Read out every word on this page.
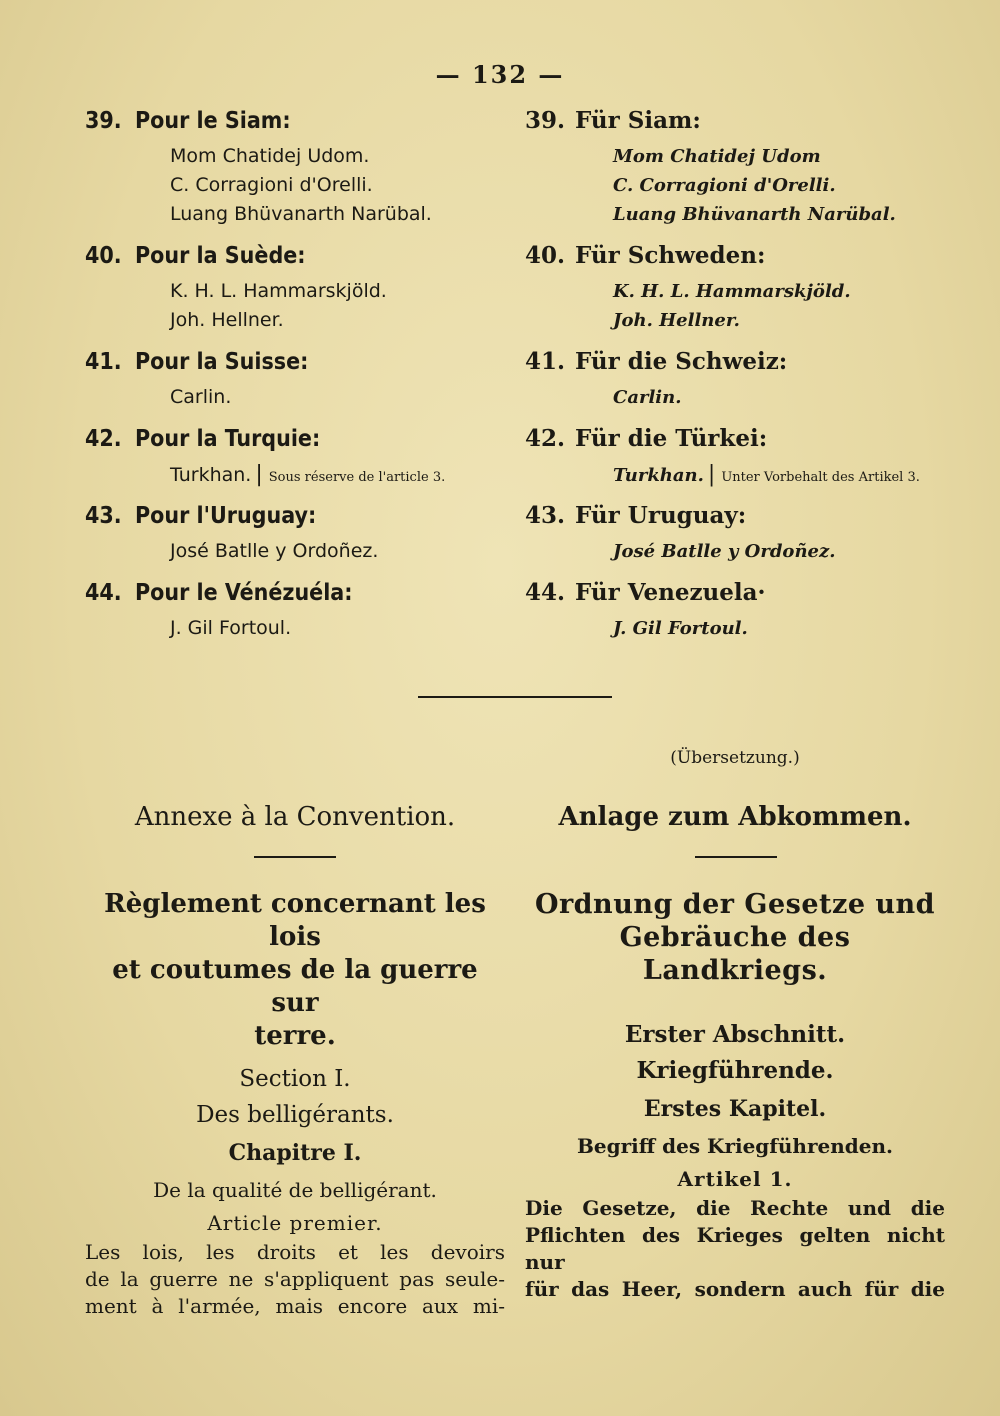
— 132 —
39. Pour le Siam:
Mom Chatidej Udom.
C. Corragioni d'Orelli.
Luang Bhüvanarth Narübal.
40. Pour la Suède:
K. H. L. Hammarskjöld.
Joh. Hellner.
41. Pour la Suisse:
Carlin.
42. Pour la Turquie:
Turkhan. | Sous réserve de l'article 3.
43. Pour l'Uruguay:
José Batlle y Ordoñez.
44. Pour le Vénézuéla:
J. Gil Fortoul.
39. Für Siam:
Mom Chatidej Udom
C. Corragioni d'Orelli.
Luang Bhüvanarth Narübal.
40. Für Schweden:
K. H. L. Hammarskjöld.
Joh. Hellner.
41. Für die Schweiz:
Carlin.
42. Für die Türkei:
Turkhan. | Unter Vorbehalt des Artikel 3.
43. Für Uruguay:
José Batlle y Ordoñez.
44. Für Venezuela·
J. Gil Fortoul.
(Übersetzung.)
Annexe à la Convention.	Anlage zum Abkommen.
Règlement concernant les lois
et coutumes de la guerre sur
terre.
Section I.
Des belligérants.
Chapitre I.
De la qualité de belligérant.
Article premier.
Les lois, les droits et les devoirs
de la guerre ne s'appliquent pas seule-
ment à l'armée, mais encore aux mi-
Ordnung der Gesetze und
Gebräuche des Landkriegs.
Erster Abschnitt.
Kriegführende.
Erstes Kapitel.
Begriff des Kriegführenden.
Artikel 1.
Die Gesetze, die Rechte und die
Pflichten des Krieges gelten nicht nur
für das Heer, sondern auch für die
